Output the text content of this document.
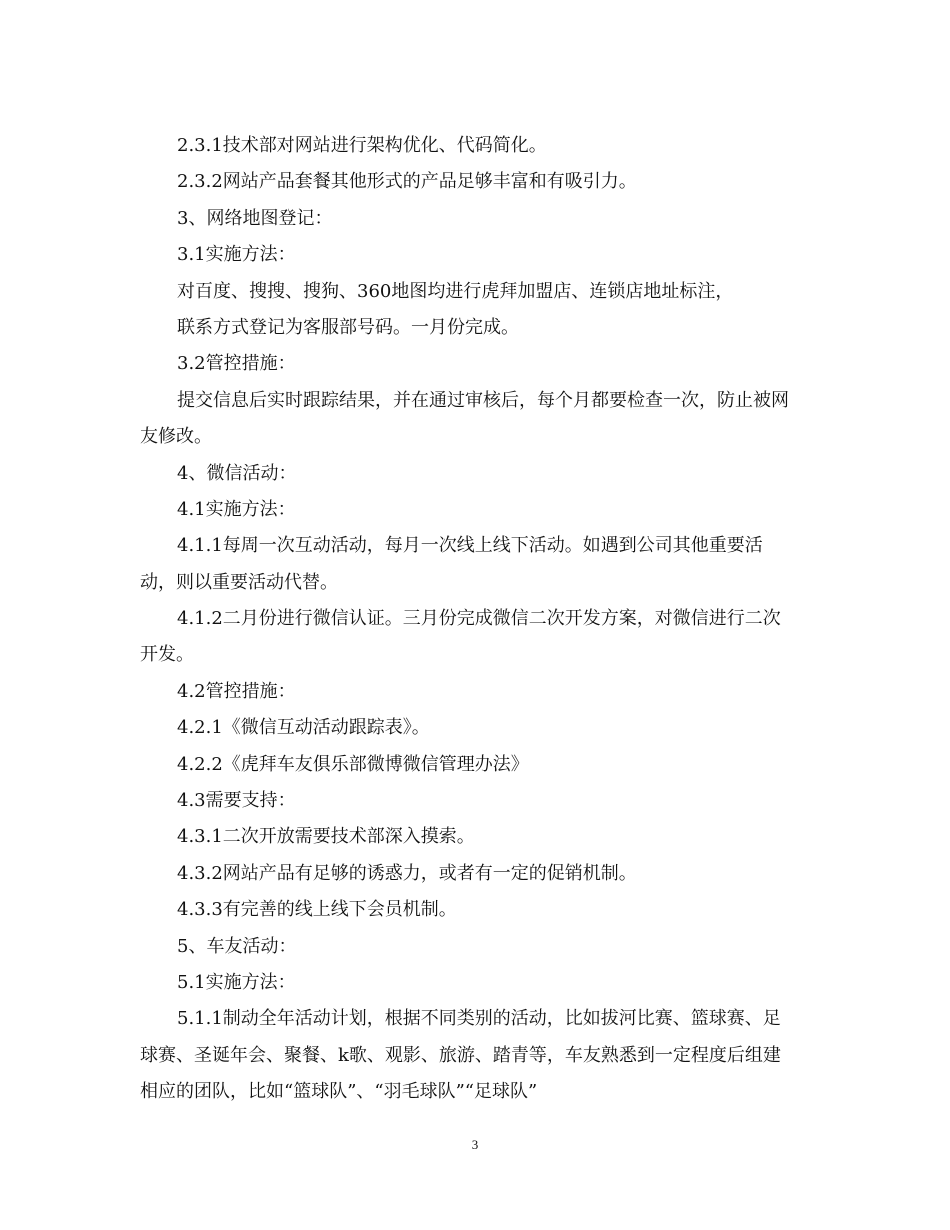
2.3.1技术部对网站进行架构优化、代码简化。
2.3.2网站产品套餐其他形式的产品足够丰富和有吸引力。
3、网络地图登记：
3.1实施方法：
对百度、搜搜、搜狗、360地图均进行虎拜加盟店、连锁店地址标注，
联系方式登记为客服部号码。一月份完成。
3.2管控措施：
提交信息后实时跟踪结果，并在通过审核后，每个月都要检查一次，防止被网
友修改。
4、微信活动：
4.1实施方法：
4.1.1每周一次互动活动，每月一次线上线下活动。如遇到公司其他重要活
动，则以重要活动代替。
4.1.2二月份进行微信认证。三月份完成微信二次开发方案，对微信进行二次
开发。
4.2管控措施：
4.2.1《微信互动活动跟踪表》。
4.2.2《虎拜车友俱乐部微博微信管理办法》
4.3需要支持：
4.3.1二次开放需要技术部深入摸索。
4.3.2网站产品有足够的诱惑力，或者有一定的促销机制。
4.3.3有完善的线上线下会员机制。
5、车友活动：
5.1实施方法：
5.1.1制动全年活动计划，根据不同类别的活动，比如拔河比赛、篮球赛、足
球赛、圣诞年会、聚餐、k歌、观影、旅游、踏青等，车友熟悉到一定程度后组建
相应的团队，比如“篮球队”、“羽毛球队”“足球队”
3
